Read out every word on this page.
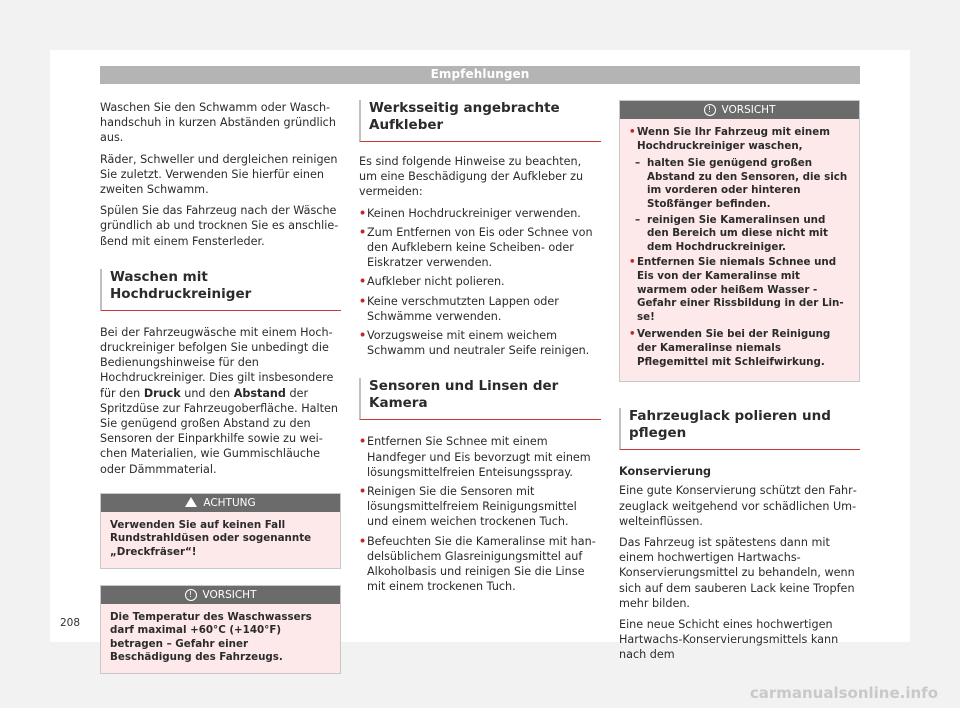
Empfehlungen

Waschen Sie den Schwamm oder Waschhandschuh in kurzen Abständen gründlich aus.

Räder, Schweller und dergleichen reinigen Sie zuletzt. Verwenden Sie hierfür einen zweiten Schwamm.

Spülen Sie das Fahrzeug nach der Wäsche gründlich ab und trocknen Sie es anschließend mit einem Fensterleder.

Waschen mit Hochdruckreiniger

Bei der Fahrzeugwäsche mit einem Hochdruckreiniger befolgen Sie unbedingt die Bedienungshinweise für den Hochdruckreiniger. Dies gilt insbesondere für den Druck und den Abstand der Spritzdüse zur Fahrzeugoberfläche. Halten Sie genügend großen Abstand zu den Sensoren der Einparkhilfe sowie zu weichen Materialien, wie Gummischläuche oder Dämmmaterial.

ACHTUNG
Verwenden Sie auf keinen Fall Rundstrahldüsen oder sogenannte „Dreckfräser“!
! VORSICHT
Die Temperatur des Waschwassers darf maximal +60°C (+140°F) betragen – Gefahr einer Beschädigung des Fahrzeugs.
Werksseitig angebrachte Aufkleber

Es sind folgende Hinweise zu beachten, um eine Beschädigung der Aufkleber zu vermeiden:

• Keinen Hochdruckreiniger verwenden.
• Zum Entfernen von Eis oder Schnee von den Aufklebern keine Scheiben- oder Eiskratzer verwenden.
• Aufkleber nicht polieren.
• Keine verschmutzten Lappen oder Schwämme verwenden.
• Vorzugsweise mit einem weichem Schwamm und neutraler Seife reinigen.
Sensoren und Linsen der Kamera
• Entfernen Sie Schnee mit einem Handfeger und Eis bevorzugt mit einem lösungsmittelfreien Enteisungsspray.
• Reinigen Sie die Sensoren mit lösungsmittelfreiem Reinigungsmittel und einem weichen trockenen Tuch.
• Befeuchten Sie die Kameralinse mit handelsüblichem Glasreinigungsmittel auf Alkoholbasis und reinigen Sie die Linse mit einem trockenen Tuch.
! VORSICHT
• Wenn Sie Ihr Fahrzeug mit einem Hochdruckreiniger waschen,
– halten Sie genügend großen Abstand zu den Sensoren, die sich im vorderen oder hinteren Stoßfänger befinden.
– reinigen Sie Kameralinsen und den Bereich um diese nicht mit dem Hochdruckreiniger.
• Entfernen Sie niemals Schnee und Eis von der Kameralinse mit warmem oder heißem Wasser - Gefahr einer Rissbildung in der Linse!
• Verwenden Sie bei der Reinigung der Kameralinse niemals Pflegemittel mit Schleifwirkung.
Fahrzeuglack polieren und pflegen

Konservierung

Eine gute Konservierung schützt den Fahrzeuglack weitgehend vor schädlichen Umwelteinflüssen.

Das Fahrzeug ist spätestens dann mit einem hochwertigen Hartwachs-Konservierungsmittel zu behandeln, wenn sich auf dem sauberen Lack keine Tropfen mehr bilden.

Eine neue Schicht eines hochwertigen Hartwachs-Konservierungsmittels kann nach dem

208
carmanualsonline.info
